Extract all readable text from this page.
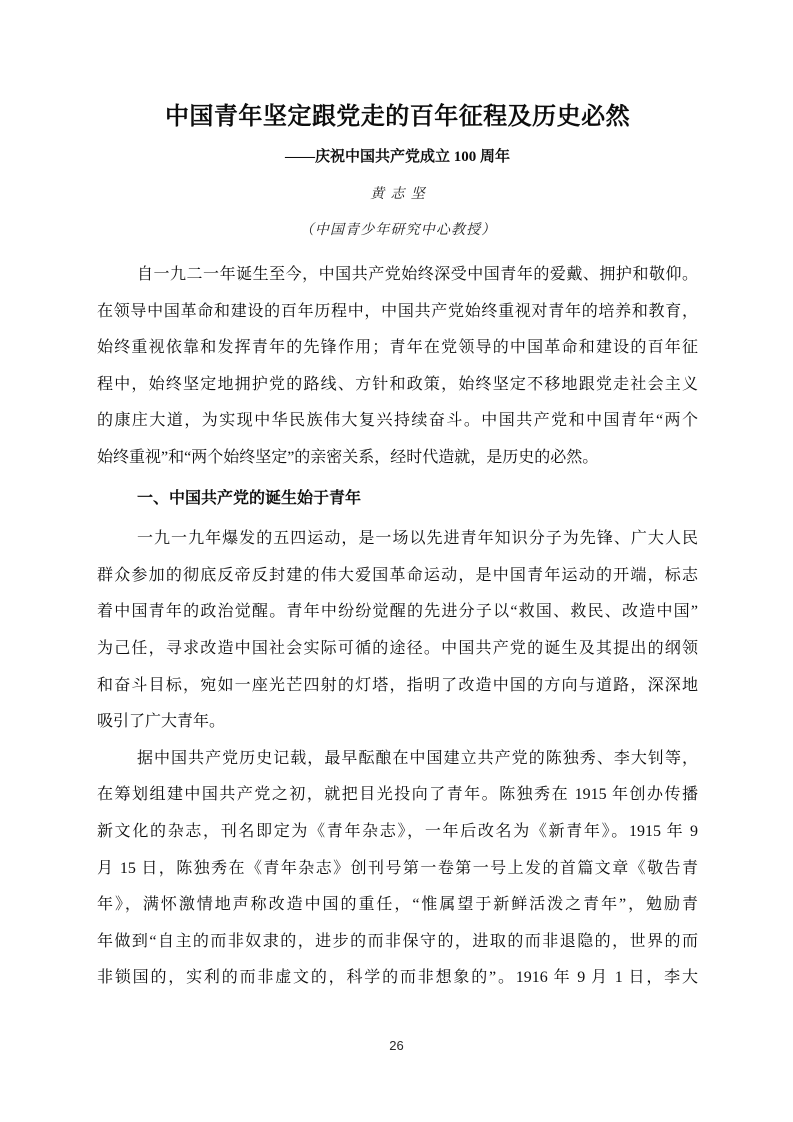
中国青年坚定跟党走的百年征程及历史必然
——庆祝中国共产党成立 100 周年
黄志坚
（中国青少年研究中心教授）
自一九二一年诞生至今，中国共产党始终深受中国青年的爱戴、拥护和敬仰。
在领导中国革命和建设的百年历程中，中国共产党始终重视对青年的培养和教育，
始终重视依靠和发挥青年的先锋作用；青年在党领导的中国革命和建设的百年征
程中，始终坚定地拥护党的路线、方针和政策，始终坚定不移地跟党走社会主义
的康庄大道，为实现中华民族伟大复兴持续奋斗。中国共产党和中国青年“两个
始终重视”和“两个始终坚定”的亲密关系，经时代造就，是历史的必然。
一、中国共产党的诞生始于青年
一九一九年爆发的五四运动，是一场以先进青年知识分子为先锋、广大人民
群众参加的彻底反帝反封建的伟大爱国革命运动，是中国青年运动的开端，标志
着中国青年的政治觉醒。青年中纷纷觉醒的先进分子以“救国、救民、改造中国”
为己任，寻求改造中国社会实际可循的途径。中国共产党的诞生及其提出的纲领
和奋斗目标，宛如一座光芒四射的灯塔，指明了改造中国的方向与道路，深深地
吸引了广大青年。
据中国共产党历史记载，最早酝酿在中国建立共产党的陈独秀、李大钊等，
在筹划组建中国共产党之初，就把目光投向了青年。陈独秀在 1915 年创办传播
新文化的杂志，刊名即定为《青年杂志》，一年后改名为《新青年》。1915 年 9
月 15 日，陈独秀在《青年杂志》创刊号第一卷第一号上发的首篇文章《敬告青
年》，满怀激情地声称改造中国的重任，“惟属望于新鲜活泼之青年”，勉励青
年做到“自主的而非奴隶的，进步的而非保守的，进取的而非退隐的，世界的而
非锁国的，实利的而非虚文的，科学的而非想象的”。1916 年 9 月 1 日，李大
26
